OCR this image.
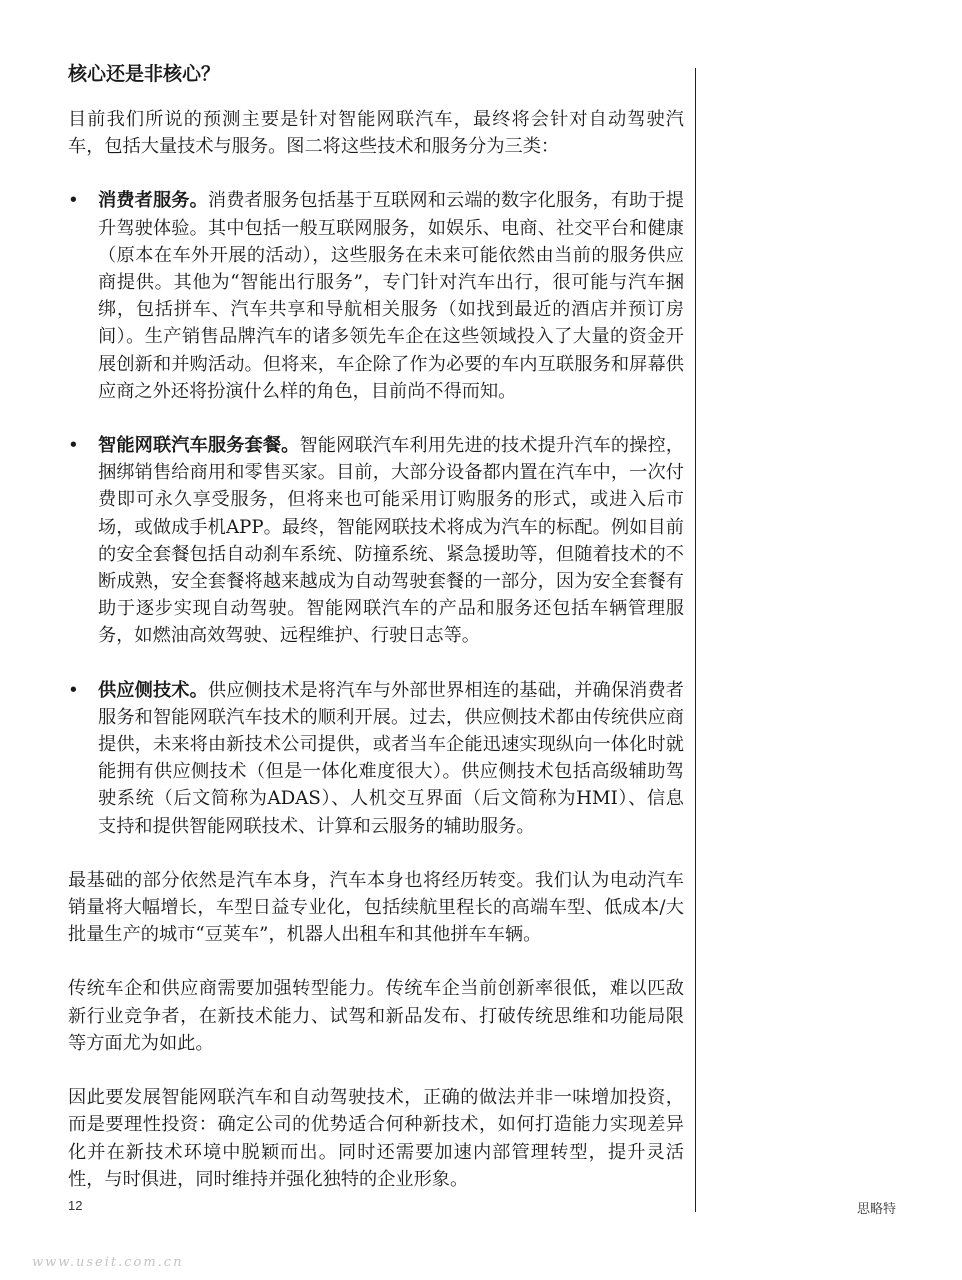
核心还是非核心？

目前我们所说的预测主要是针对智能网联汽车，最终将会针对自动驾驶汽车，包括大量技术与服务。图二将这些技术和服务分为三类：

• 消费者服务。消费者服务包括基于互联网和云端的数字化服务，有助于提升驾驶体验。其中包括一般互联网服务，如娱乐、电商、社交平台和健康（原本在车外开展的活动），这些服务在未来可能依然由当前的服务供应商提供。其他为“智能出行服务”，专门针对汽车出行，很可能与汽车捆绑，包括拼车、汽车共享和导航相关服务（如找到最近的酒店并预订房间）。生产销售品牌汽车的诸多领先车企在这些领域投入了大量的资金开展创新和并购活动。但将来，车企除了作为必要的车内互联服务和屏幕供应商之外还将扮演什么样的角色，目前尚不得而知。
• 智能网联汽车服务套餐。智能网联汽车利用先进的技术提升汽车的操控，捆绑销售给商用和零售买家。目前，大部分设备都内置在汽车中，一次付费即可永久享受服务，但将来也可能采用订购服务的形式，或进入后市场，或做成手机APP。最终，智能网联技术将成为汽车的标配。例如目前的安全套餐包括自动刹车系统、防撞系统、紧急援助等，但随着技术的不断成熟，安全套餐将越来越成为自动驾驶套餐的一部分，因为安全套餐有助于逐步实现自动驾驶。智能网联汽车的产品和服务还包括车辆管理服务，如燃油高效驾驶、远程维护、行驶日志等。
• 供应侧技术。供应侧技术是将汽车与外部世界相连的基础，并确保消费者服务和智能网联汽车技术的顺利开展。过去，供应侧技术都由传统供应商提供，未来将由新技术公司提供，或者当车企能迅速实现纵向一体化时就能拥有供应侧技术（但是一体化难度很大）。供应侧技术包括高级辅助驾驶系统（后文简称为ADAS）、人机交互界面（后文简称为HMI）、信息支持和提供智能网联技术、计算和云服务的辅助服务。

最基础的部分依然是汽车本身，汽车本身也将经历转变。我们认为电动汽车销量将大幅增长，车型日益专业化，包括续航里程长的高端车型、低成本/大批量生产的城市“豆荚车”，机器人出租车和其他拼车车辆。

传统车企和供应商需要加强转型能力。传统车企当前创新率很低，难以匹敌新行业竞争者，在新技术能力、试驾和新品发布、打破传统思维和功能局限等方面尤为如此。

因此要发展智能网联汽车和自动驾驶技术，正确的做法并非一味增加投资，而是要理性投资：确定公司的优势适合何种新技术，如何打造能力实现差异化并在新技术环境中脱颖而出。同时还需要加速内部管理转型，提升灵活性，与时俱进，同时维持并强化独特的企业形象。

12	思略特
www.useit.com.cn
